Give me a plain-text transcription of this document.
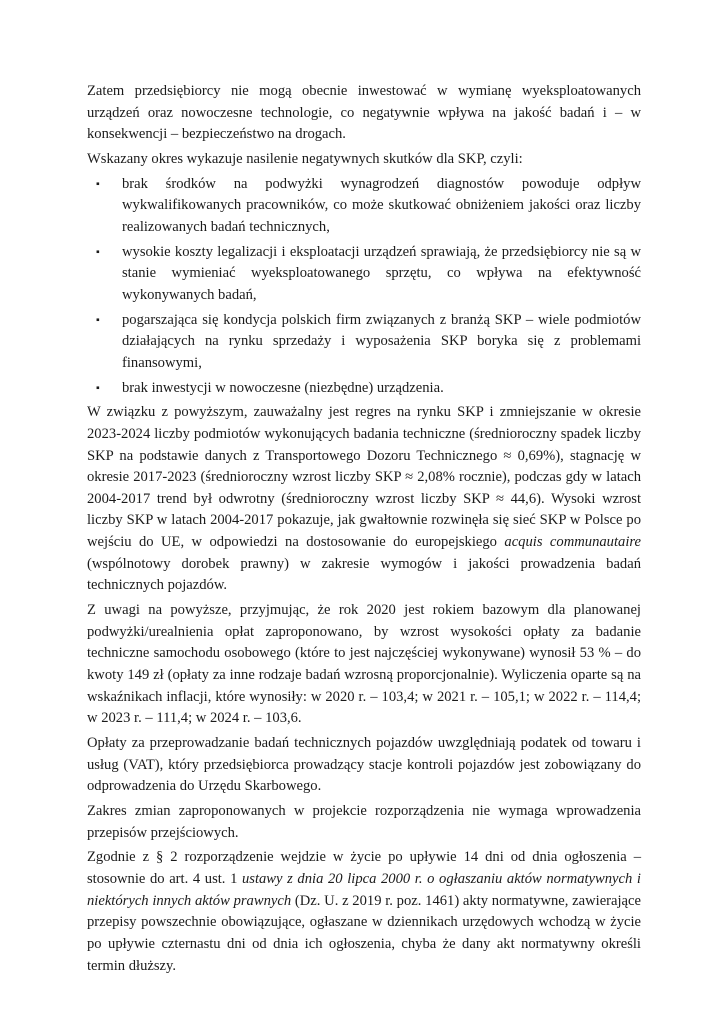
Zatem przedsiębiorcy nie mogą obecnie inwestować w wymianę wyeksploatowanych urządzeń oraz nowoczesne technologie, co negatywnie wpływa na jakość badań i – w konsekwencji – bezpieczeństwo na drogach.

Wskazany okres wykazuje nasilenie negatywnych skutków dla SKP, czyli:

▪	brak środków na podwyżki wynagrodzeń diagnostów powoduje odpływ wykwalifikowanych pracowników, co może skutkować obniżeniem jakości oraz liczby realizowanych badań technicznych,
▪	wysokie koszty legalizacji i eksploatacji urządzeń sprawiają, że przedsiębiorcy nie są w stanie wymieniać wyeksploatowanego sprzętu, co wpływa na efektywność wykonywanych badań,
▪	pogarszająca się kondycja polskich firm związanych z branżą SKP – wiele podmiotów działających na rynku sprzedaży i wyposażenia SKP boryka się z problemami finansowymi,
▪	brak inwestycji w nowoczesne (niezbędne) urządzenia.

W związku z powyższym, zauważalny jest regres na rynku SKP i zmniejszanie w okresie 2023-2024 liczby podmiotów wykonujących badania techniczne (średnioroczny spadek liczby SKP na podstawie danych z Transportowego Dozoru Technicznego ≈ 0,69%), stagnację w okresie 2017-2023 (średnioroczny wzrost liczby SKP ≈ 2,08% rocznie), podczas gdy w latach 2004-2017 trend był odwrotny (średnioroczny wzrost liczby SKP ≈ 44,6). Wysoki wzrost liczby SKP w latach 2004-2017 pokazuje, jak gwałtownie rozwinęła się sieć SKP w Polsce po wejściu do UE, w odpowiedzi na dostosowanie do europejskiego acquis communautaire (wspólnotowy dorobek prawny) w zakresie wymogów i jakości prowadzenia badań technicznych pojazdów.

Z uwagi na powyższe, przyjmując, że rok 2020 jest rokiem bazowym dla planowanej podwyżki/urealnienia opłat zaproponowano, by wzrost wysokości opłaty za badanie techniczne samochodu osobowego (które to jest najczęściej wykonywane) wynosił 53 % – do kwoty 149 zł (opłaty za inne rodzaje badań wzrosną proporcjonalnie). Wyliczenia oparte są na wskaźnikach inflacji, które wynosiły: w 2020 r. – 103,4; w 2021 r. – 105,1; w 2022 r. – 114,4; w 2023 r. – 111,4; w 2024 r. – 103,6.

Opłaty za przeprowadzanie badań technicznych pojazdów uwzględniają podatek od towaru i usług (VAT), który przedsiębiorca prowadzący stacje kontroli pojazdów jest zobowiązany do odprowadzenia do Urzędu Skarbowego.

Zakres zmian zaproponowanych w projekcie rozporządzenia nie wymaga wprowadzenia przepisów przejściowych.

Zgodnie z § 2 rozporządzenie wejdzie w życie po upływie 14 dni od dnia ogłoszenia – stosownie do art. 4 ust. 1 ustawy z dnia 20 lipca 2000 r. o ogłaszaniu aktów normatywnych i niektórych innych aktów prawnych (Dz. U. z 2019 r. poz. 1461) akty normatywne, zawierające przepisy powszechnie obowiązujące, ogłaszane w dziennikach urzędowych wchodzą w życie po upływie czternastu dni od dnia ich ogłoszenia, chyba że dany akt normatywny określi termin dłuższy.
